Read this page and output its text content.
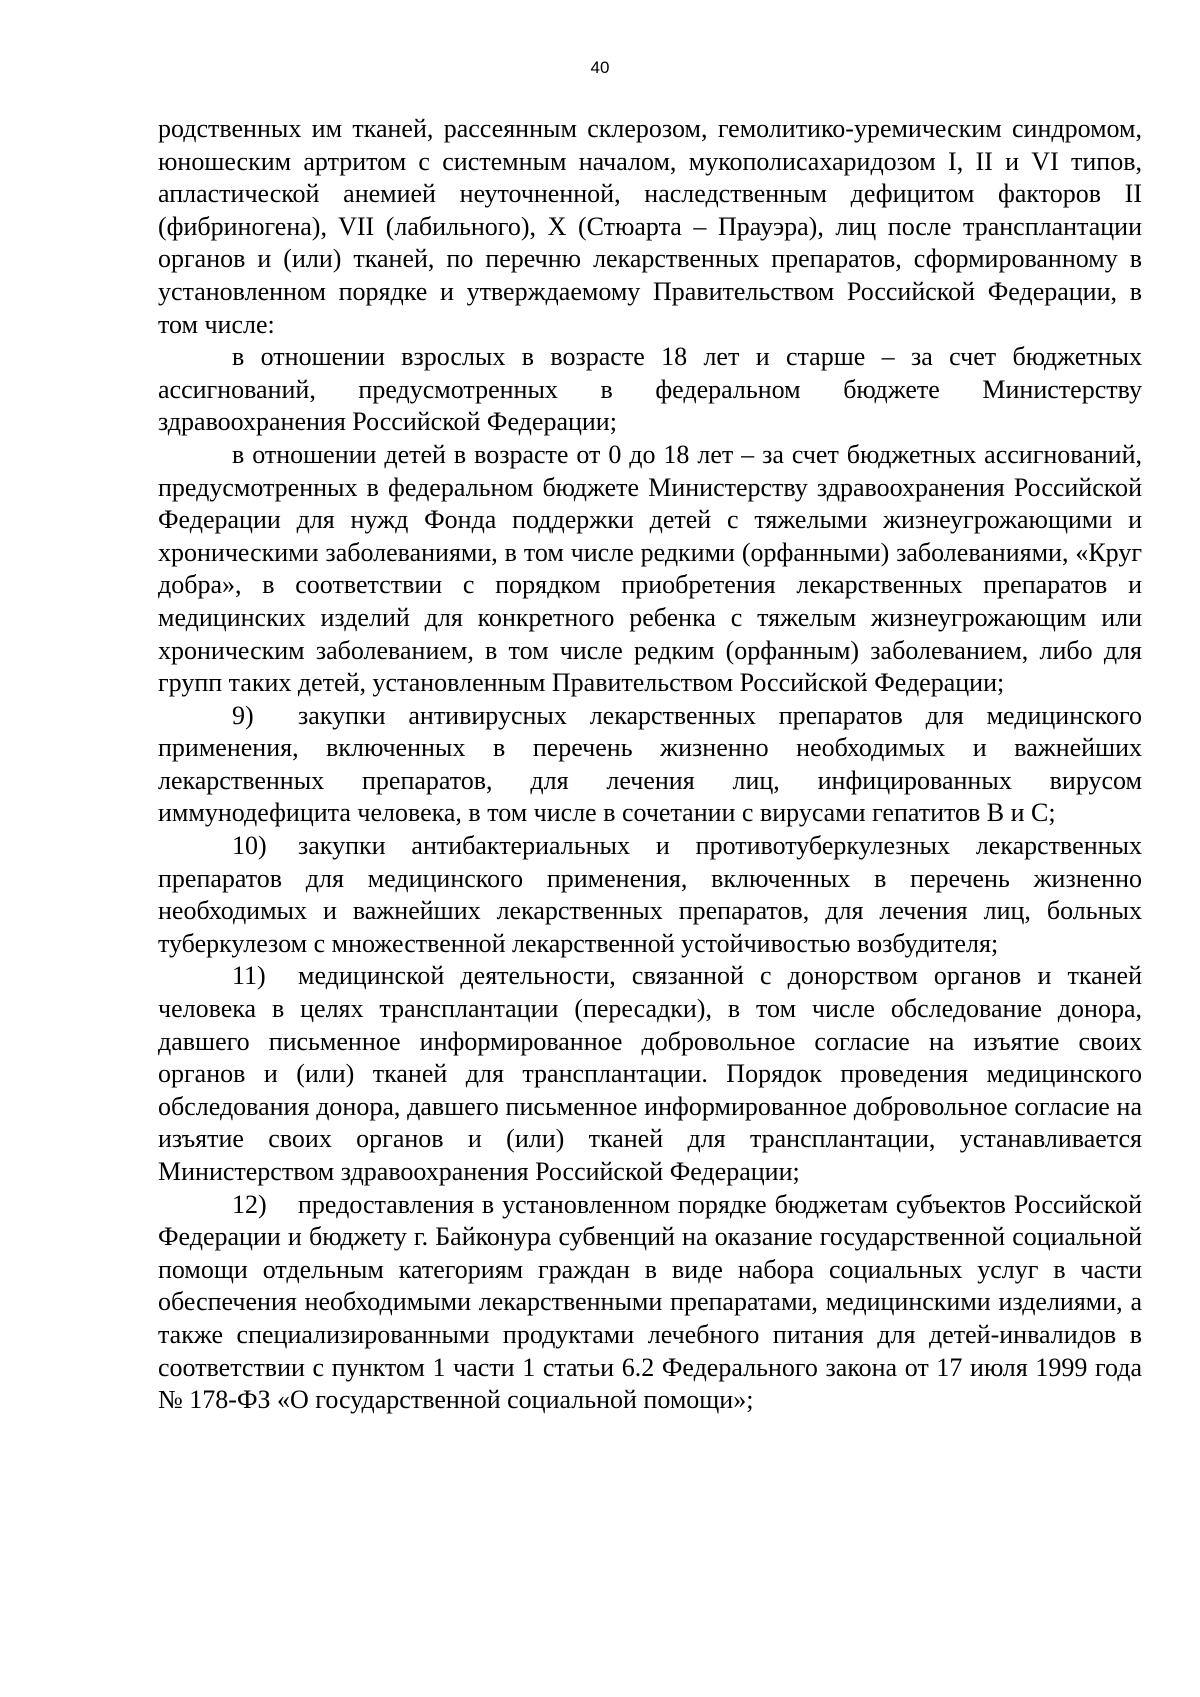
40

родственных им тканей, рассеянным склерозом, гемолитико-уремическим синдромом, юношеским артритом с системным началом, мукополисахаридозом I, II и VI типов, апластической анемией неуточненной, наследственным дефицитом факторов II (фибриногена), VII (лабильного), X (Стюарта – Прауэра), лиц после трансплантации органов и (или) тканей, по перечню лекарственных препаратов, сформированному в установленном порядке и утверждаемому Правительством Российской Федерации, в том числе:

в отношении взрослых в возрасте 18 лет и старше – за счет бюджетных ассигнований, предусмотренных в федеральном бюджете Министерству здравоохранения Российской Федерации;

в отношении детей в возрасте от 0 до 18 лет – за счет бюджетных ассигнований, предусмотренных в федеральном бюджете Министерству здравоохранения Российской Федерации для нужд Фонда поддержки детей с тяжелыми жизнеугрожающими и хроническими заболеваниями, в том числе редкими (орфанными) заболеваниями, «Круг добра», в соответствии с порядком приобретения лекарственных препаратов и медицинских изделий для конкретного ребенка с тяжелым жизнеугрожающим или хроническим заболеванием, в том числе редким (орфанным) заболеванием, либо для групп таких детей, установленным Правительством Российской Федерации;

9) закупки антивирусных лекарственных препаратов для медицинского применения, включенных в перечень жизненно необходимых и важнейших лекарственных препаратов, для лечения лиц, инфицированных вирусом иммунодефицита человека, в том числе в сочетании с вирусами гепатитов B и C;

10) закупки антибактериальных и противотуберкулезных лекарственных препаратов для медицинского применения, включенных в перечень жизненно необходимых и важнейших лекарственных препаратов, для лечения лиц, больных туберкулезом с множественной лекарственной устойчивостью возбудителя;

11) медицинской деятельности, связанной с донорством органов и тканей человека в целях трансплантации (пересадки), в том числе обследование донора, давшего письменное информированное добровольное согласие на изъятие своих органов и (или) тканей для трансплантации. Порядок проведения медицинского обследования донора, давшего письменное информированное добровольное согласие на изъятие своих органов и (или) тканей для трансплантации, устанавливается Министерством здравоохранения Российской Федерации;

12) предоставления в установленном порядке бюджетам субъектов Российской Федерации и бюджету г. Байконура субвенций на оказание государственной социальной помощи отдельным категориям граждан в виде набора социальных услуг в части обеспечения необходимыми лекарственными препаратами, медицинскими изделиями, а также специализированными продуктами лечебного питания для детей-инвалидов в соответствии с пунктом 1 части 1 статьи 6.2 Федерального закона от 17 июля 1999 года № 178-ФЗ «О государственной социальной помощи»;
